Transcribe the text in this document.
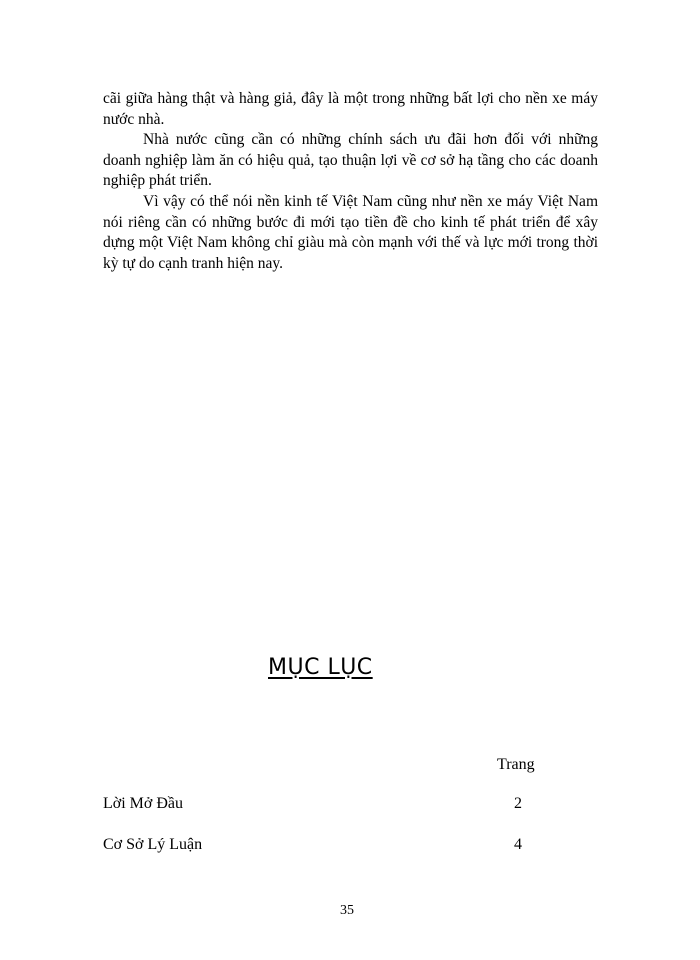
cãi giữa hàng thật và hàng giả, đây là một trong những bất lợi cho nền xe máy nước nhà.

Nhà nước cũng cần có những chính sách ưu đãi hơn đối với những doanh nghiệp làm ăn có hiệu quả, tạo thuận lợi về cơ sở hạ tầng cho các doanh nghiệp phát triển.

Vì vậy có thể nói nền kinh tế Việt Nam cũng như nền xe máy Việt Nam nói riêng cần có những bước đi mới tạo tiền đề cho kinh tế phát triển để xây dựng một Việt Nam không chỉ giàu mà còn mạnh với thế và lực mới trong thời kỳ tự do cạnh tranh hiện nay.

MỤC LỤC
Trang
Lời Mở Đầu	2
Cơ Sở Lý Luận	4
35
